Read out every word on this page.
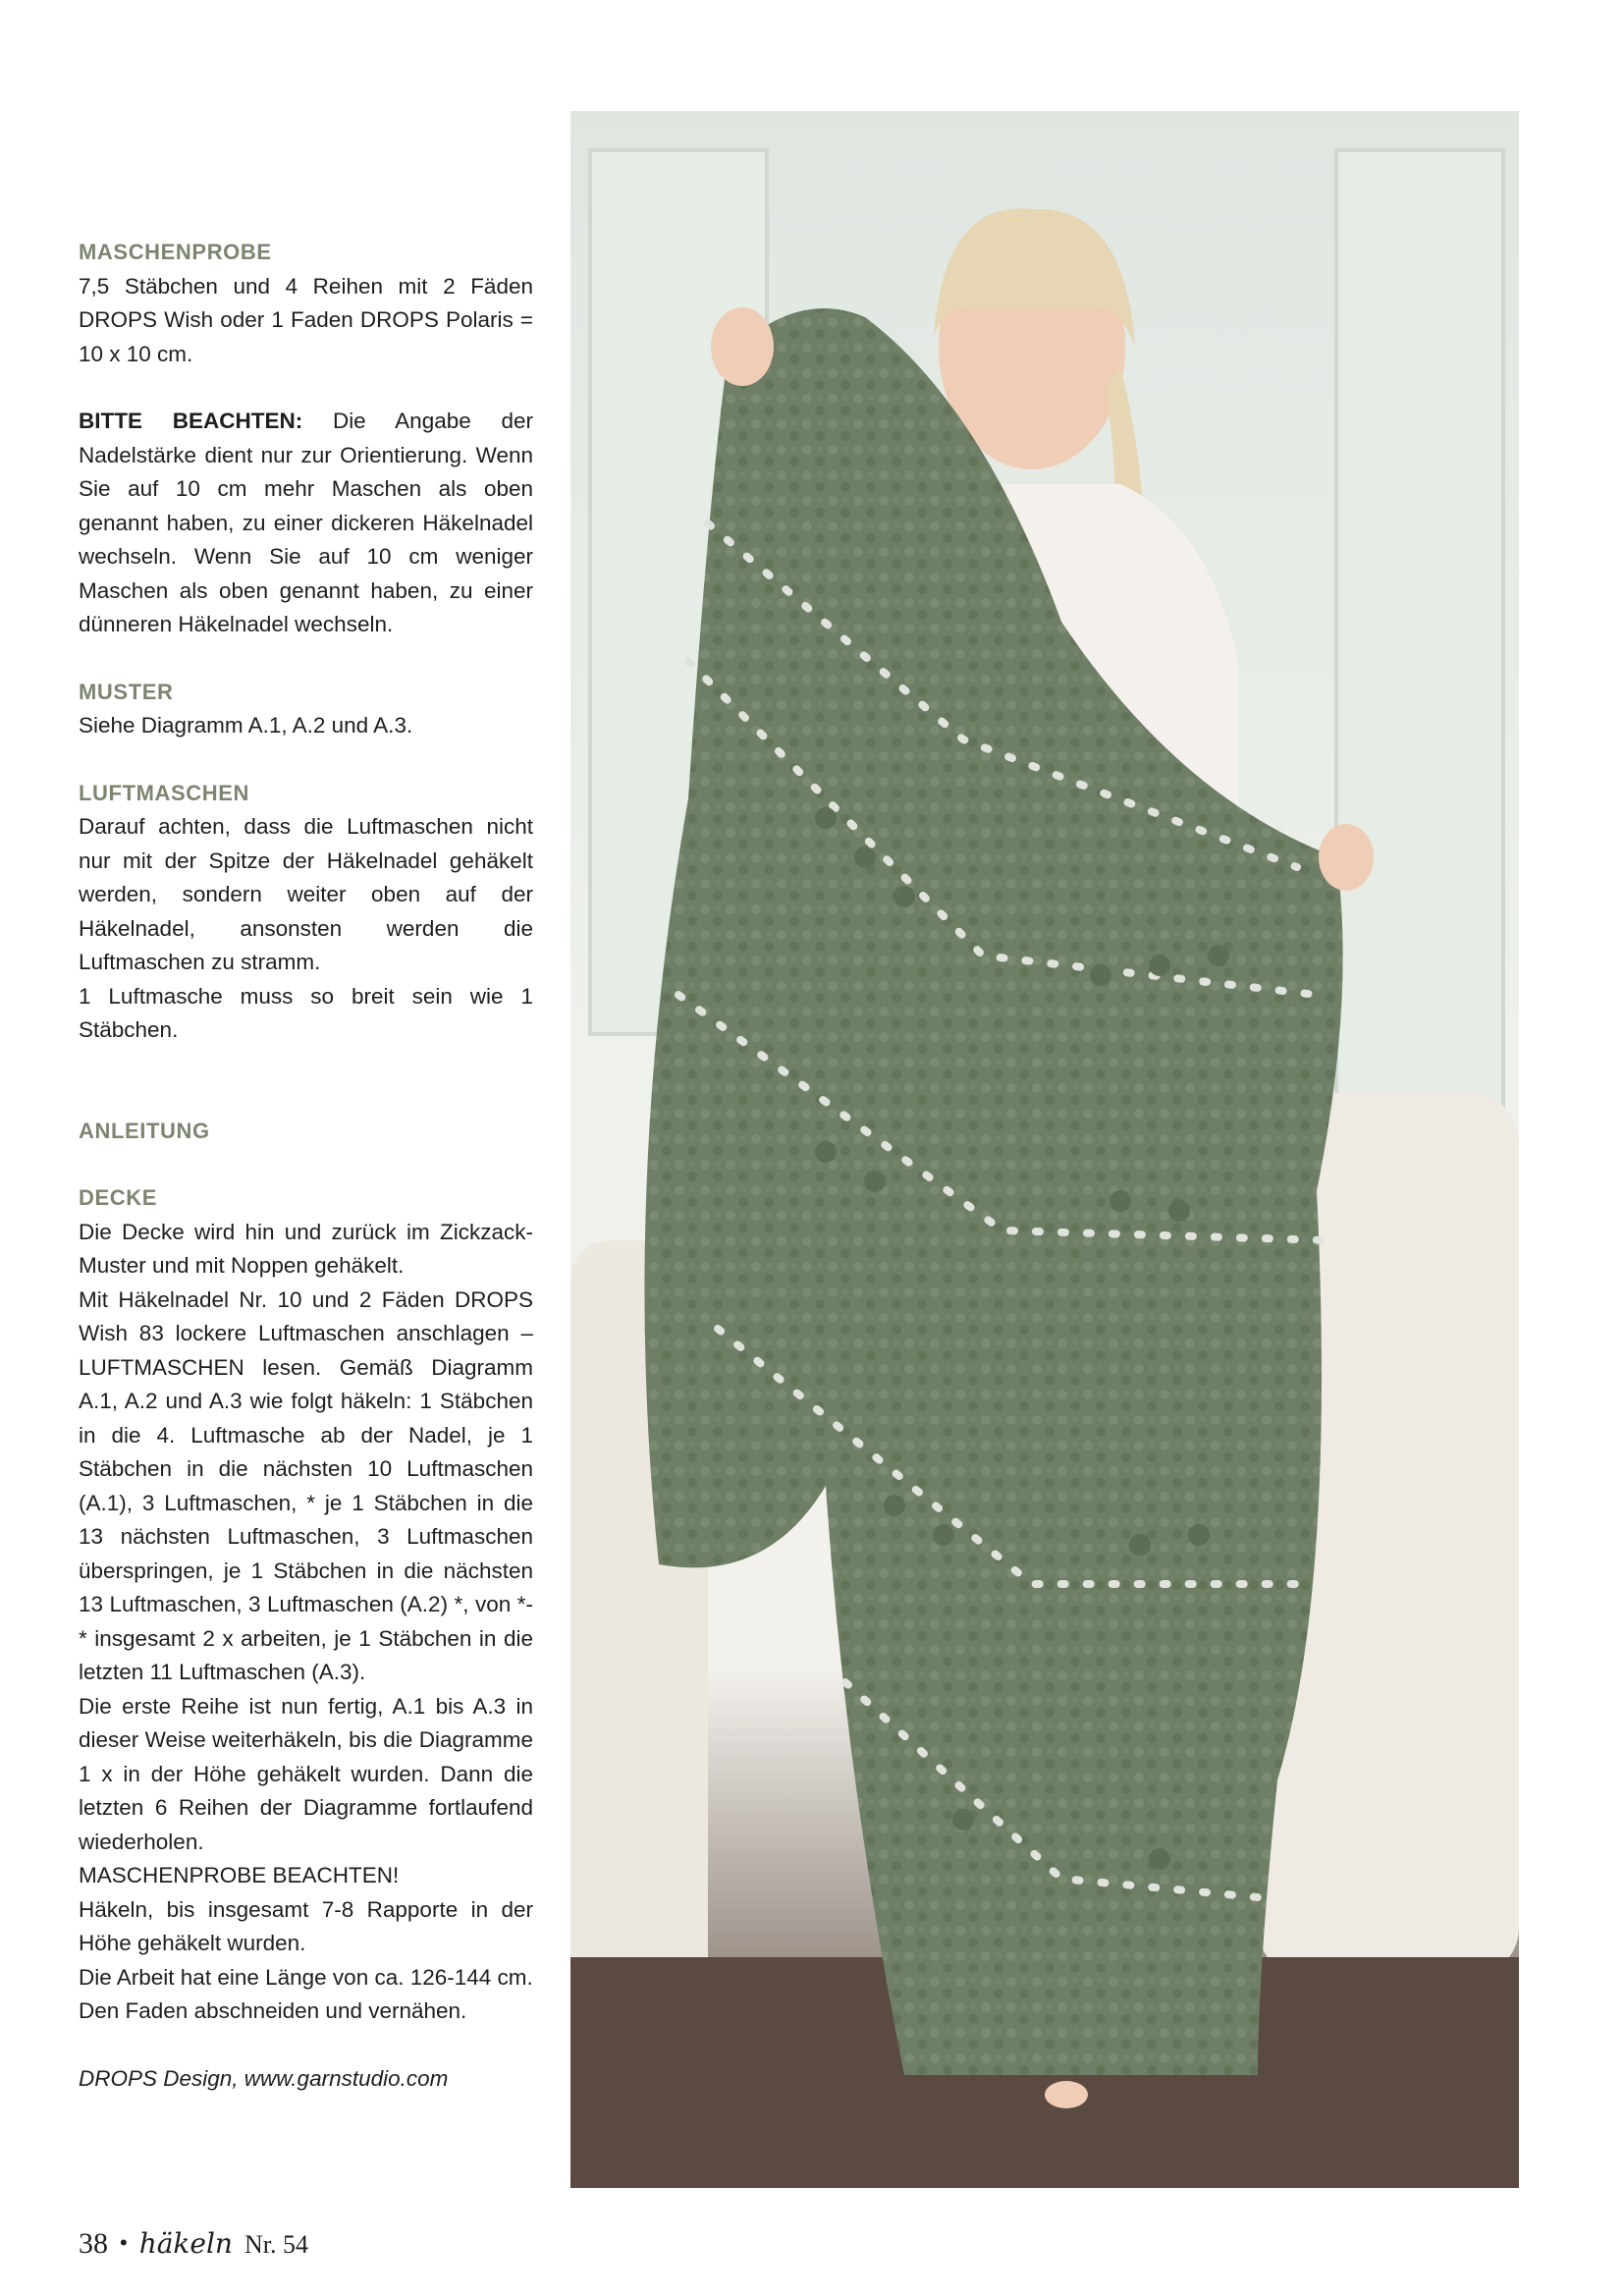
MASCHENPROBE

7,5 Stäbchen und 4 Reihen mit 2 Fäden DROPS Wish oder 1 Faden DROPS Polaris = 10 x 10 cm.

BITTE BEACHTEN: Die Angabe der Nadelstärke dient nur zur Orientierung. Wenn Sie auf 10 cm mehr Maschen als oben genannt haben, zu einer dickeren Häkelnadel wechseln. Wenn Sie auf 10 cm weniger Maschen als oben genannt haben, zu einer dünneren Häkelnadel wechseln.

MUSTER

Siehe Diagramm A.1, A.2 und A.3.

LUFTMASCHEN

Darauf achten, dass die Luftmaschen nicht nur mit der Spitze der Häkelnadel gehäkelt werden, sondern weiter oben auf der Häkelnadel, ansonsten werden die Luftmaschen zu stramm.

1 Luftmasche muss so breit sein wie 1 Stäbchen.

ANLEITUNG

DECKE

Die Decke wird hin und zurück im Zickzack-Muster und mit Noppen gehäkelt.

Mit Häkelnadel Nr. 10 und 2 Fäden DROPS Wish 83 lockere Luftmaschen anschlagen – LUFTMASCHEN lesen. Gemäß Diagramm A.1, A.2 und A.3 wie folgt häkeln: 1 Stäbchen in die 4. Luftmasche ab der Nadel, je 1 Stäbchen in die nächsten 10 Luftmaschen (A.1), 3 Luftmaschen, * je 1 Stäbchen in die 13 nächsten Luftmaschen, 3 Luftmaschen überspringen, je 1 Stäbchen in die nächsten 13 Luftmaschen, 3 Luftmaschen (A.2) *, von *-* insgesamt 2 x arbeiten, je 1 Stäbchen in die letzten 11 Luftmaschen (A.3).

Die erste Reihe ist nun fertig, A.1 bis A.3 in dieser Weise weiterhäkeln, bis die Diagramme 1 x in der Höhe gehäkelt wurden. Dann die letzten 6 Reihen der Diagramme fortlaufend wiederholen.

MASCHENPROBE BEACHTEN!

Häkeln, bis insgesamt 7-8 Rapporte in der Höhe gehäkelt wurden.

Die Arbeit hat eine Länge von ca. 126-144 cm.

Den Faden abschneiden und vernähen.

DROPS Design, www.garnstudio.com

38 • häkeln Nr. 54
